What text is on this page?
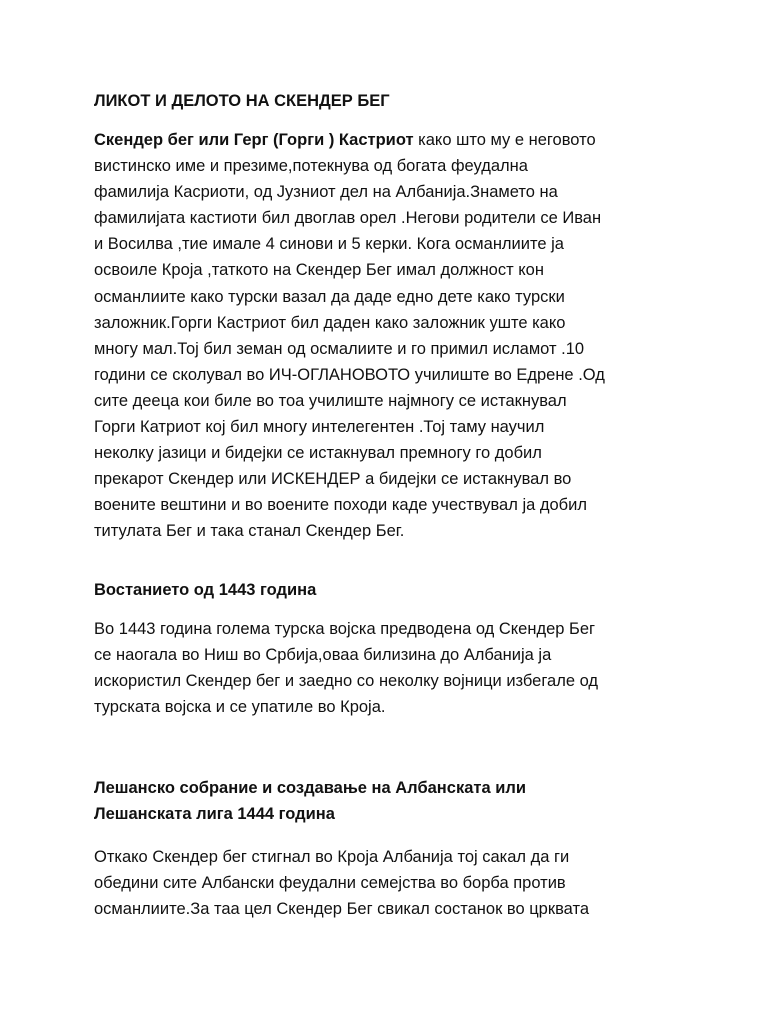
ЛИКОТ И ДЕЛОТО НА СКЕНДЕР БЕГ

Скендер бег или Герг (Горги ) Кастриот како што му е неговото
вистинско име и презиме,потекнува од богата феудална
фамилија Касриоти, од Јузниот дел на Албанија.Знамето на
фамилијата кастиоти бил двоглав орел .Негови родители се Иван
и Восилва ,тие имале 4 синови и 5 керки. Кога османлиите ја
освоиле Кроја ,таткото на Скендер Бег имал должност кон
османлиите како турски вазал да даде едно дете како турски
заложник.Горги Кастриот бил даден како заложник уште како
многу мал.Тој бил земан од осмалиите и го примил исламот .10
години се сколувал во ИЧ-ОГЛАНОВОТО училиште во Едрене .Од
сите дееца кои биле во тоа училиште најмногу се истакнувал
Горги Катриот кој бил многу интелегентен .Тој таму научил
неколку јазици и бидејки се истакнувал премногу го добил
прекарот Скендер или ИСКЕНДЕР а бидејки се истакнувал во
воените вештини и во воените походи каде учествувал ја добил
титулата Бег и така станал Скендер Бег.

Востанието од 1443 година

Во 1443 година голема турска војска предводена од Скендер Бег
се наогала во Ниш во Србија,оваа билизина до Албанија ја
искористил Скендер бег и заедно со неколку војници избегале од
турската војска и се упатиле во Кроја.

Лешанско собрание и создавање на Албанската или
Лешанската лига 1444 година

Откако Скендер бег стигнал во Кроја Албанија тој сакал да ги
обедини сите Албански феудални семејства во борба против
османлиите.За таа цел Скендер Бег свикал состанок во црквата
